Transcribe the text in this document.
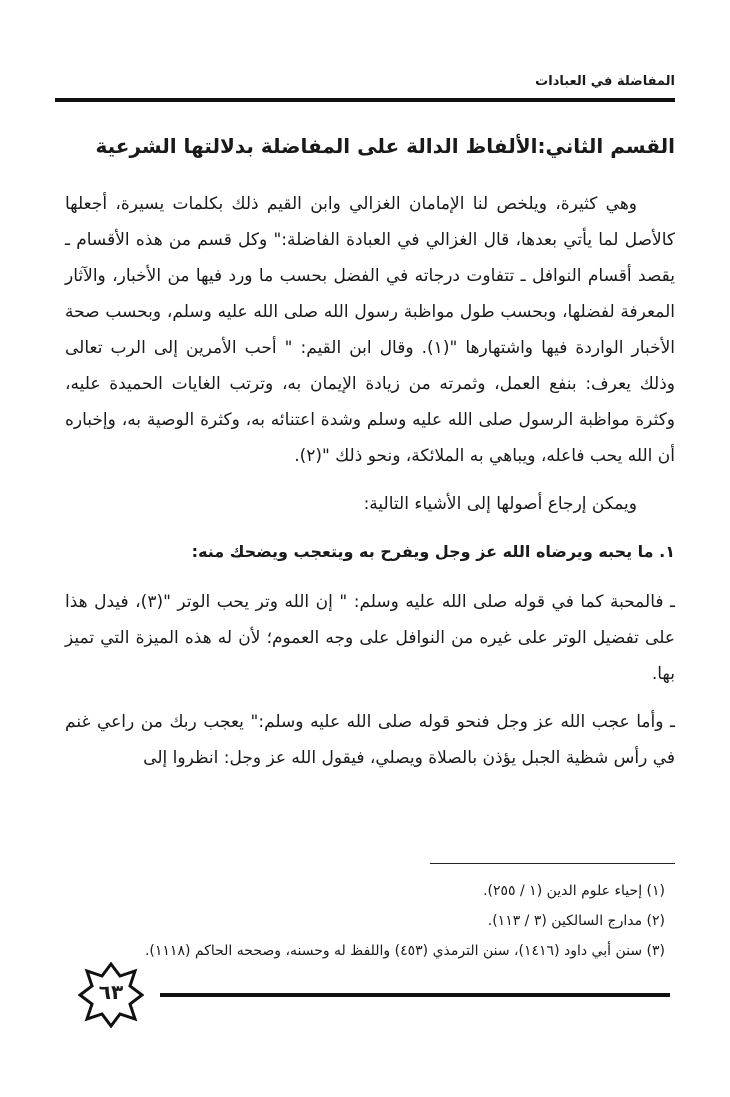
المفاضلة في العبادات
القسم الثاني:الألفاظ الدالة على المفاضلة بدلالتها الشرعية

وهي كثيرة، ويلخص لنا الإمامان الغزالي وابن القيم ذلك بكلمات يسيرة، أجعلها كالأصل لما يأتي بعدها، قال الغزالي في العبادة الفاضلة:" وكل قسم من هذه الأقسام ـ يقصد أقسام النوافل ـ تتفاوت درجاته في الفضل بحسب ما ورد فيها من الأخبار، والآثار المعرفة لفضلها، وبحسب طول مواظبة رسول الله صلى الله عليه وسلم، وبحسب صحة الأخبار الواردة فيها واشتهارها "(١). وقال ابن القيم: " أحب الأمرين إلى الرب تعالى وذلك يعرف: بنفع العمل، وثمرته من زيادة الإيمان به، وترتب الغايات الحميدة عليه، وكثرة مواظبة الرسول صلى الله عليه وسلم وشدة اعتنائه به، وكثرة الوصية به، وإخباره أن الله يحب فاعله، ويباهي به الملائكة، ونحو ذلك "(٢).

ويمكن إرجاع أصولها إلى الأشياء التالية:

١. ما يحبه ويرضاه الله عز وجل ويفرح به ويتعجب ويضحك منه:

ـ فالمحبة كما في قوله صلى الله عليه وسلم: " إن الله وتر يحب الوتر "(٣)، فيدل هذا على تفضيل الوتر على غيره من النوافل على وجه العموم؛ لأن له هذه الميزة التي تميز بها.

ـ وأما عجب الله عز وجل فنحو قوله صلى الله عليه وسلم:" يعجب ربك من راعي غنم في رأس شظية الجبل يؤذن بالصلاة ويصلي، فيقول الله عز وجل: انظروا إلى

(١) إحياء علوم الدين (١ / ٢٥٥).

(٢) مدارج السالكين (٣ / ١١٣).

(٣) سنن أبي داود (١٤١٦)، سنن الترمذي (٤٥٣) واللفظ له وحسنه، وصححه الحاكم (١١١٨).

٦٣
